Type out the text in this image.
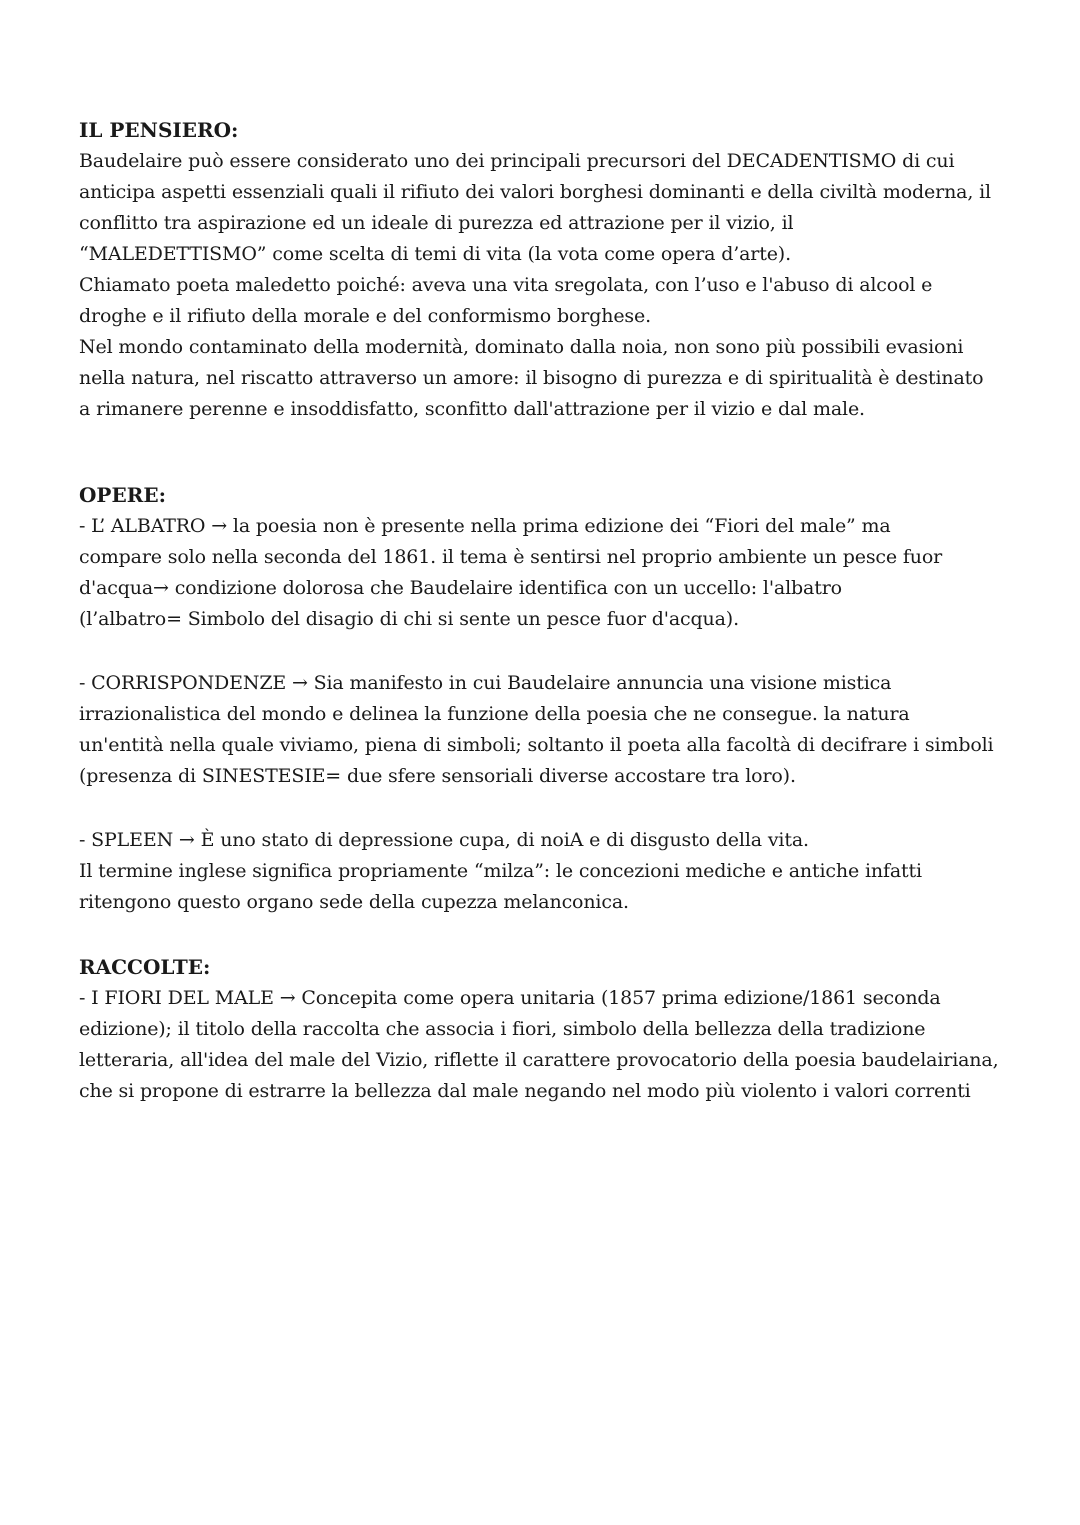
IL PENSIERO:

Baudelaire può essere considerato uno dei principali precursori del DECADENTISMO di cui
anticipa aspetti essenziali quali il rifiuto dei valori borghesi dominanti e della civiltà moderna, il
conflitto tra aspirazione ed un ideale di purezza ed attrazione per il vizio, il
“MALEDETTISMO” come scelta di temi di vita (la vota come opera d’arte).
Chiamato poeta maledetto poiché: aveva una vita sregolata, con l’uso e l'abuso di alcool e
droghe e il rifiuto della morale e del conformismo borghese.
Nel mondo contaminato della modernità, dominato dalla noia, non sono più possibili evasioni
nella natura, nel riscatto attraverso un amore: il bisogno di purezza e di spiritualità è destinato
a rimanere perenne e insoddisfatto, sconfitto dall'attrazione per il vizio e dal male.

OPERE:

- L’ ALBATRO → la poesia non è presente nella prima edizione dei “Fiori del male” ma
compare solo nella seconda del 1861. il tema è sentirsi nel proprio ambiente un pesce fuor
d'acqua→ condizione dolorosa che Baudelaire identifica con un uccello: l'albatro
(l’albatro= Simbolo del disagio di chi si sente un pesce fuor d'acqua).

- CORRISPONDENZE → Sia manifesto in cui Baudelaire annuncia una visione mistica
irrazionalistica del mondo e delinea la funzione della poesia che ne consegue. la natura
un'entità nella quale viviamo, piena di simboli; soltanto il poeta alla facoltà di decifrare i simboli
(presenza di SINESTESIE= due sfere sensoriali diverse accostare tra loro).

- SPLEEN → È uno stato di depressione cupa, di noiA e di disgusto della vita.
Il termine inglese significa propriamente “milza”: le concezioni mediche e antiche infatti
ritengono questo organo sede della cupezza melanconica.

RACCOLTE:

- I FIORI DEL MALE → Concepita come opera unitaria (1857 prima edizione/1861 seconda
edizione); il titolo della raccolta che associa i fiori, simbolo della bellezza della tradizione
letteraria, all'idea del male del Vizio, riflette il carattere provocatorio della poesia baudelairiana,
che si propone di estrarre la bellezza dal male negando nel modo più violento i valori correnti
